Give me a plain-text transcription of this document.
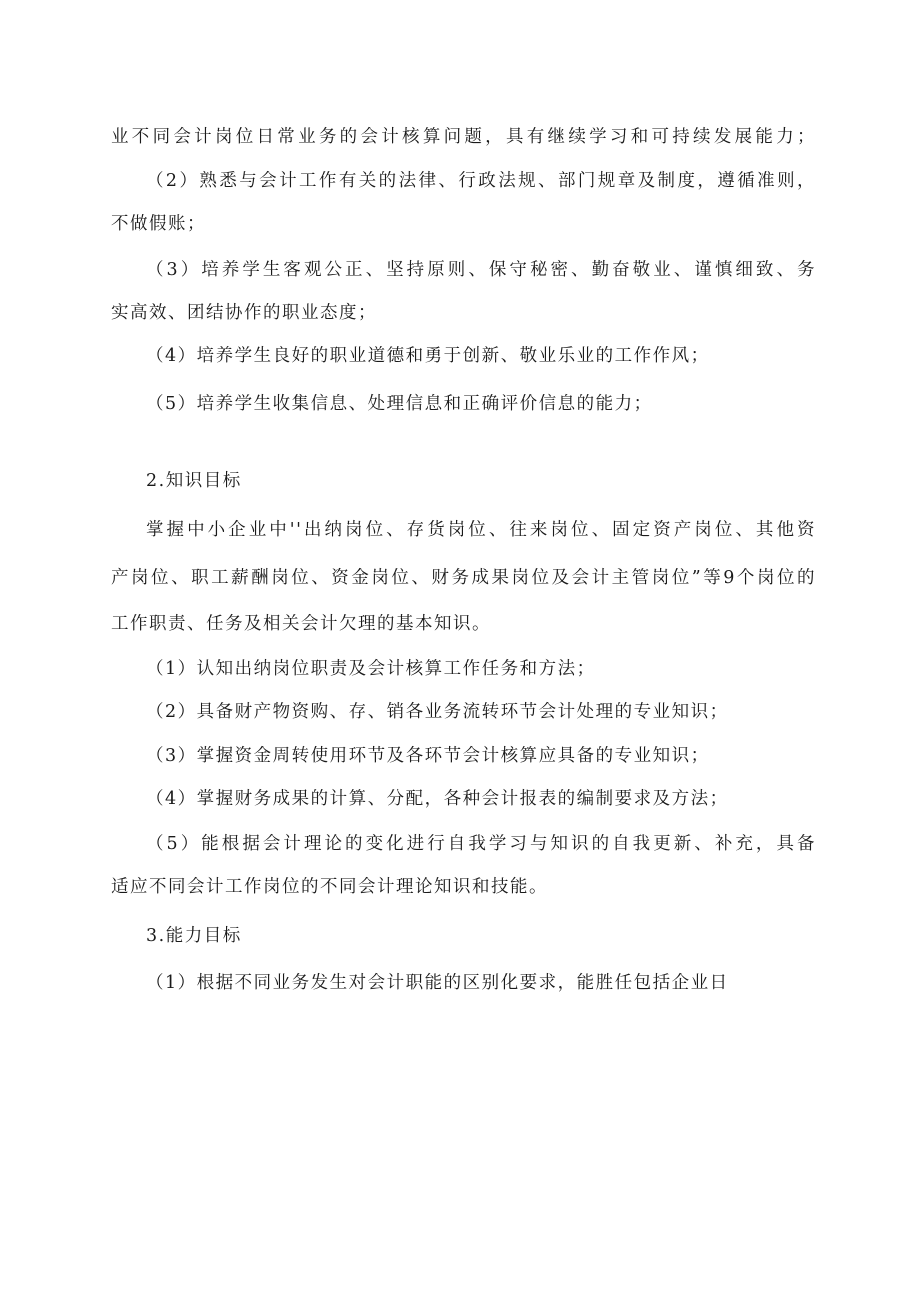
业不同会计岗位日常业务的会计核算问题，具有继续学习和可持续发展能力；
（2）熟悉与会计工作有关的法律、行政法规、部门规章及制度，遵循准则，
不做假账；
（3）培养学生客观公正、坚持原则、保守秘密、勤奋敬业、谨慎细致、务
实高效、团结协作的职业态度；
（4）培养学生良好的职业道德和勇于创新、敬业乐业的工作作风；
（5）培养学生收集信息、处理信息和正确评价信息的能力；
2.知识目标
掌握中小企业中''出纳岗位、存货岗位、往来岗位、固定资产岗位、其他资
产岗位、职工薪酬岗位、资金岗位、财务成果岗位及会计主管岗位”等9个岗位的
工作职责、任务及相关会计欠理的基本知识。
（1）认知出纳岗位职责及会计核算工作任务和方法；
（2）具备财产物资购、存、销各业务流转环节会计处理的专业知识；
（3）掌握资金周转使用环节及各环节会计核算应具备的专业知识；
（4）掌握财务成果的计算、分配，各种会计报表的编制要求及方法；
（5）能根据会计理论的变化进行自我学习与知识的自我更新、补充，具备
适应不同会计工作岗位的不同会计理论知识和技能。
3.能力目标
（1）根据不同业务发生对会计职能的区别化要求，能胜任包括企业日
